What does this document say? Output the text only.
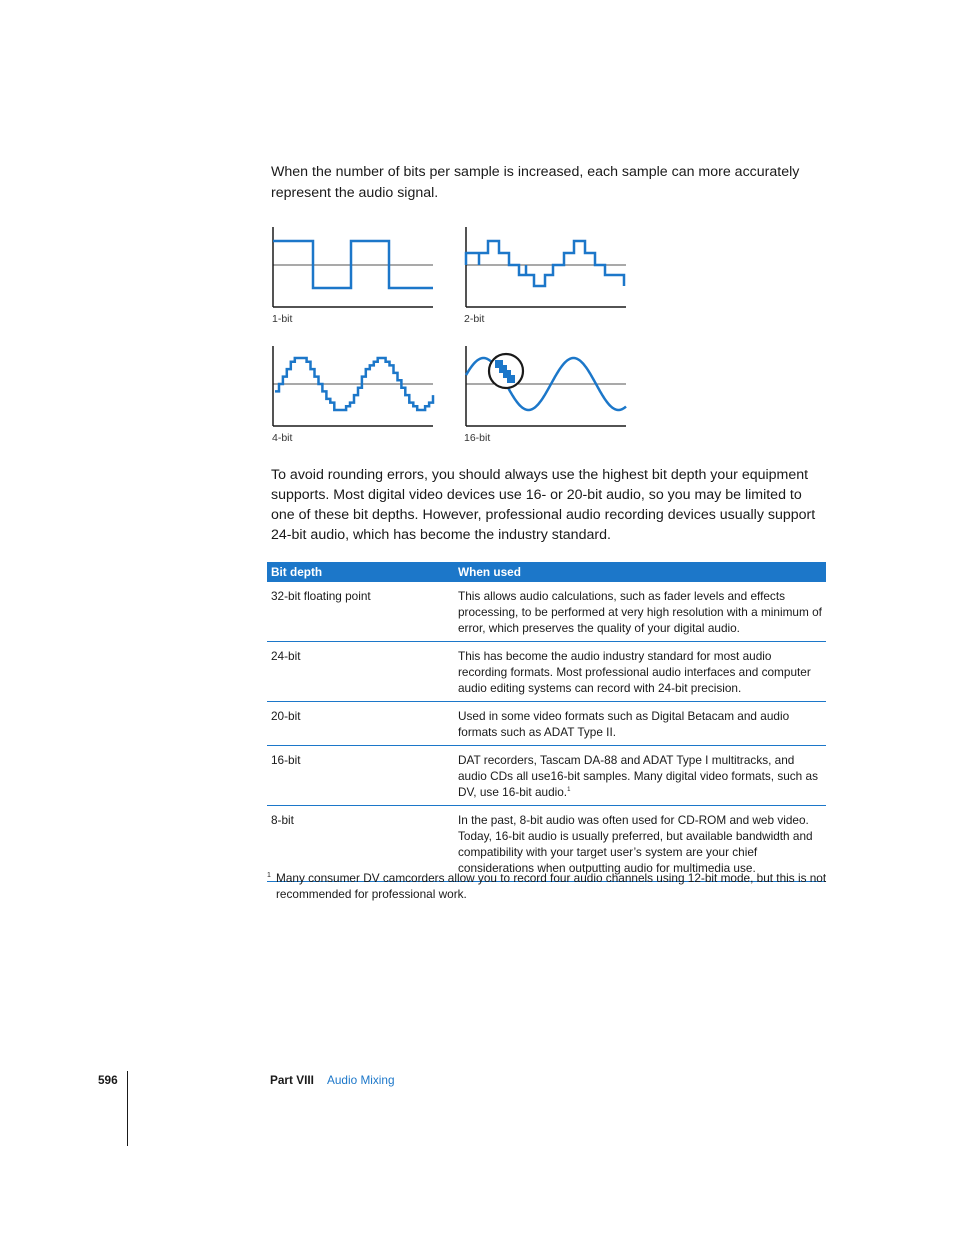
When the number of bits per sample is increased, each sample can more accurately represent the audio signal.

1-bit	2-bit
4-bit	16-bit

To avoid rounding errors, you should always use the highest bit depth your equipment supports. Most digital video devices use 16- or 20-bit audio, so you may be limited to one of these bit depths. However, professional audio recording devices usually support 24-bit audio, which has become the industry standard.

Bit depth	When used
32-bit floating point	This allows audio calculations, such as fader levels and effects processing, to be performed at very high resolution with a minimum of error, which preserves the quality of your digital audio.
24-bit	This has become the audio industry standard for most audio recording formats. Most professional audio interfaces and computer audio editing systems can record with 24-bit precision.
20-bit	Used in some video formats such as Digital Betacam and audio formats such as ADAT Type II.
16-bit	DAT recorders, Tascam DA-88 and ADAT Type I multitracks, and audio CDs all use16-bit samples. Many digital video formats, such as DV, use 16-bit audio.$^1$
8-bit	In the past, 8-bit audio was often used for CD-ROM and web video. Today, 16-bit audio is usually preferred, but available bandwidth and compatibility with your target user’s system are your chief considerations when outputting audio for multimedia use.
1 Many consumer DV camcorders allow you to record four audio channels using 12-bit mode, but this is not recommended for professional work.
596	Part VIII Audio Mixing
